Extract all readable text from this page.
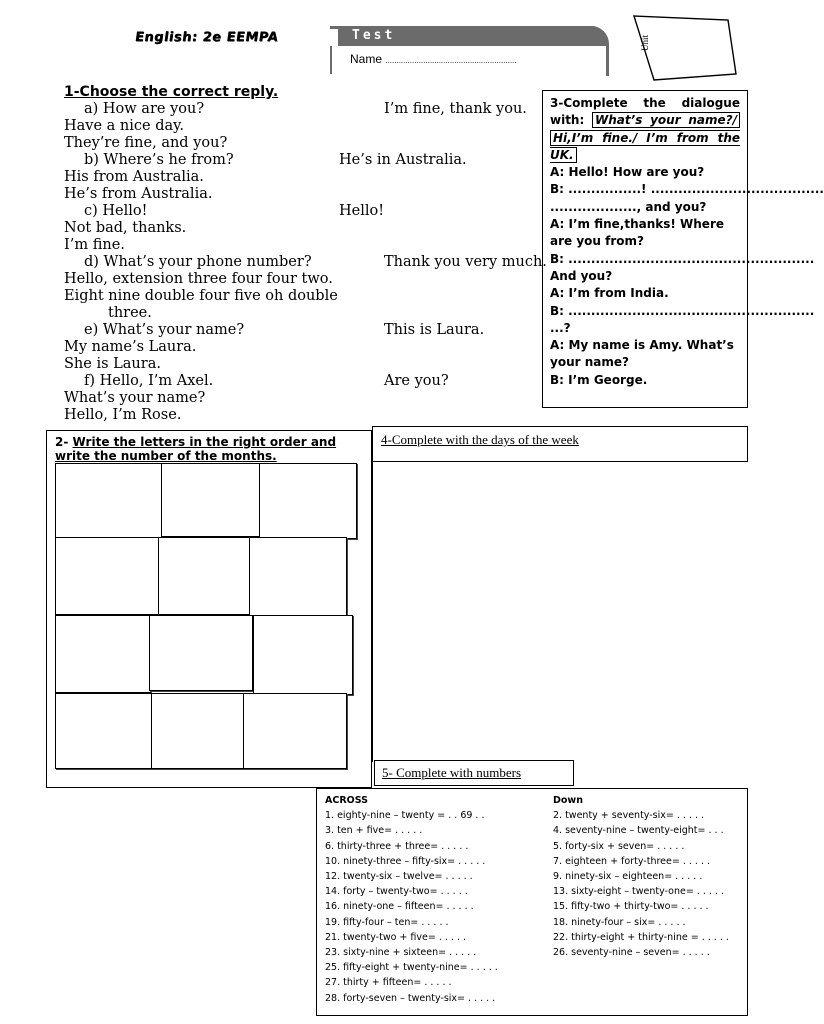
English: 2e EEMPA	Test
Name ...........................................................
Unit
1-Choose the correct reply.
a) How are you?	I’m fine, thank you.
Have a nice day.
They’re fine, and you?
b) Where’s he from?	He’s in Australia.
His from Australia.
He’s from Australia.
c) Hello!	Hello!
Not bad, thanks.
I’m fine.
d) What’s your phone number?	Thank you very much.
Hello, extension three four four two.
Eight nine double four five oh double
three.
e) What’s your name?	This is Laura.
My name’s Laura.
She is Laura.
f) Hello, I’m Axel.	Are you?
What’s your name?
Hello, I’m Rose.
3-Complete the dialogue with: What’s your name?/ Hi,I’m fine./ I’m from the UK.
A: Hello! How are you?
B: ................! ......................................
..................., and you?
A: I’m fine,thanks! Where
are you from?
B: ......................................................
And you?
A: I’m from India.
B: ......................................................
...?
A: My name is Amy. What’s
your name?
B: I’m George.
2- Write the letters in the right order and write the number of the months.
4-Complete with the days of the week
5- Complete with numbers
ACROSS
1. eighty-nine – twenty = . . 69 . .
3. ten + five= . . . . .
6. thirty-three + three= . . . . .
10. ninety-three – fifty-six= . . . . .
12. twenty-six – twelve= . . . . .
14. forty – twenty-two= . . . . .
16. ninety-one – fifteen= . . . . .
19. fifty-four – ten= . . . . .
21. twenty-two + five= . . . . .
23. sixty-nine + sixteen= . . . . .
25. fifty-eight + twenty-nine= . . . . .
27. thirty + fifteen= . . . . .
28. forty-seven – twenty-six= . . . . .
Down
2. twenty + seventy-six= . . . . .
4. seventy-nine – twenty-eight= . . .
5. forty-six + seven= . . . . .
7. eighteen + forty-three= . . . . .
9. ninety-six – eighteen= . . . . .
13. sixty-eight – twenty-one= . . . . .
15. fifty-two + thirty-two= . . . . .
18. ninety-four – six= . . . . .
22. thirty-eight + thirty-nine = . . . . .
26. seventy-nine – seven= . . . . .
